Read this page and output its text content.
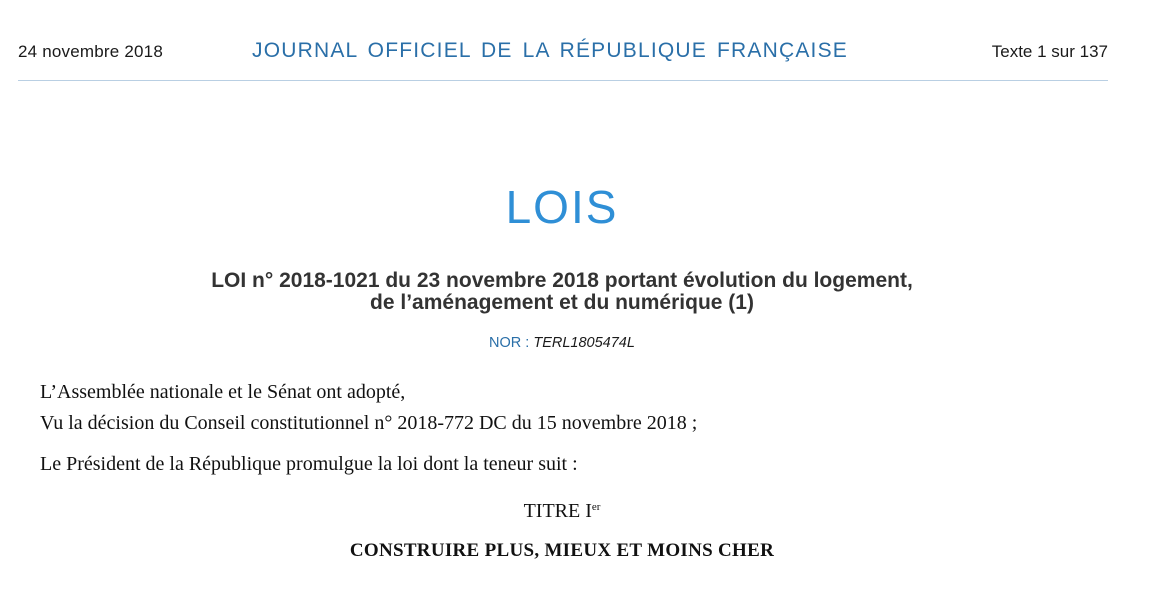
24 novembre 2018	JOURNAL OFFICIEL DE LA RÉPUBLIQUE FRANÇAISE	Texte 1 sur 137
LOIS
LOI n° 2018-1021 du 23 novembre 2018 portant évolution du logement,
de l’aménagement et du numérique (1)
NOR : TERL1805474L
L’Assemblée nationale et le Sénat ont adopté,
Vu la décision du Conseil constitutionnel n° 2018-772 DC du 15 novembre 2018 ;
Le Président de la République promulgue la loi dont la teneur suit :
TITRE Ier
CONSTRUIRE PLUS, MIEUX ET MOINS CHER
